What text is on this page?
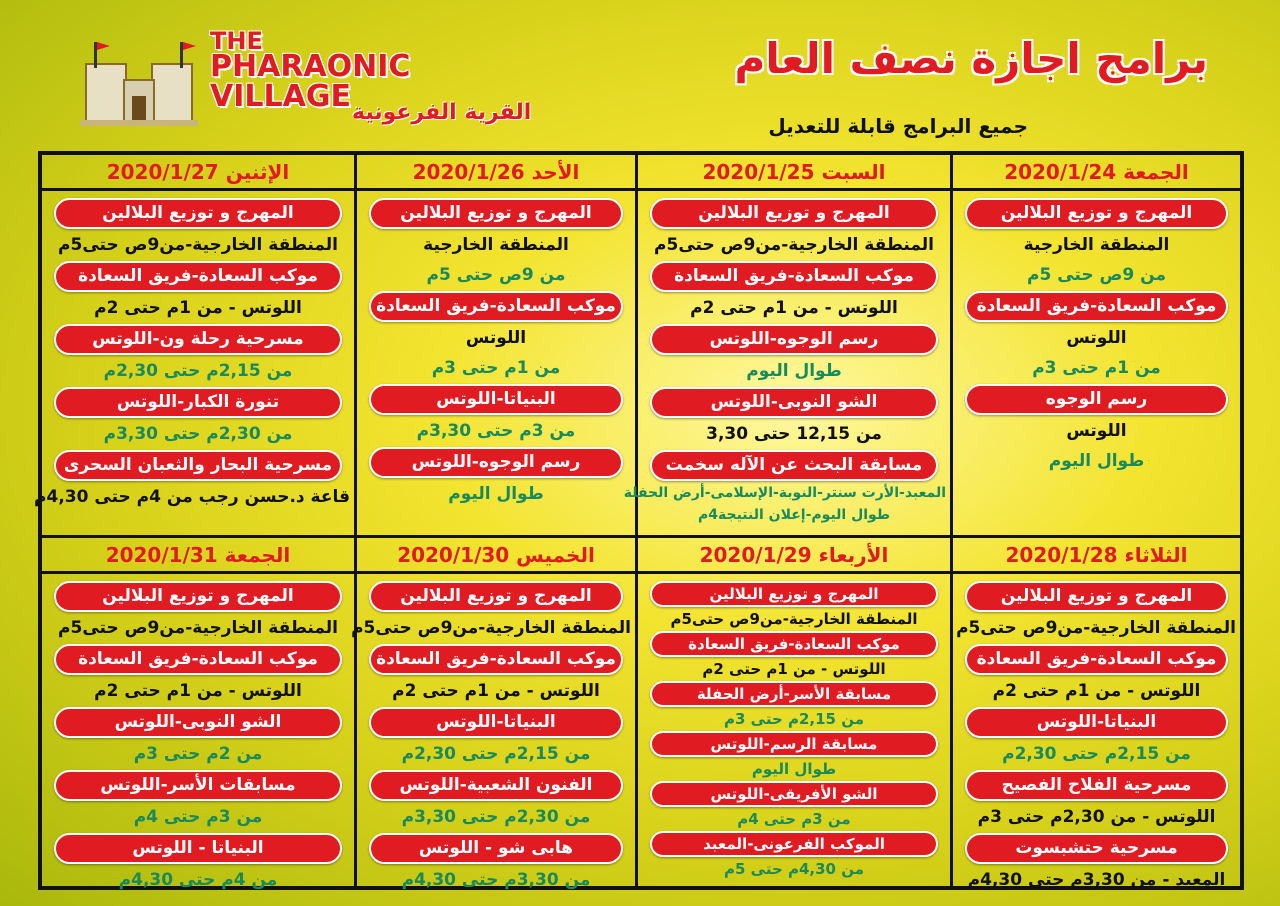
THE
PHARAONIC
VILLAGE القرية الفرعونية
برامج اجازة نصف العام
جميع البرامج قابلة للتعديل
الإثنين 2020/1/27
المهرج و توزيع البلالين
المنطقة الخارجية-من9ص حتى5م
موكب السعادة-فريق السعادة
اللوتس - من 1م حتى 2م
مسرحية رحلة ون-اللوتس
من 2,15م حتى 2,30م
تنورة الكبار-اللوتس
من 2,30م حتى 3,30م
مسرحية البحار والثعبان السحرى
قاعة د.حسن رجب من 4م حتى 4,30م
الأحد 2020/1/26
المهرج و توزيع البلالين
المنطقة الخارجية
من 9ص حتى 5م
موكب السعادة-فريق السعادة
اللوتس
من 1م حتى 3م
البنياتا-اللوتس
من 3م حتى 3,30م
رسم الوجوه-اللوتس
طوال اليوم
السبت 2020/1/25
المهرج و توزيع البلالين
المنطقة الخارجية-من9ص حتى5م
موكب السعادة-فريق السعادة
اللوتس - من 1م حتى 2م
رسم الوجوه-اللوتس
طوال اليوم
الشو النوبى-اللوتس
من 12,15 حتى 3,30
مسابقة البحث عن الآله سخمت
المعبد-الأرت سنتر-النوبة-الإسلامى-أرض الحفلة
طوال اليوم-إعلان النتيجة4م
الجمعة 2020/1/24
المهرج و توزيع البلالين
المنطقة الخارجية
من 9ص حتى 5م
موكب السعادة-فريق السعادة
اللوتس
من 1م حتى 3م
رسم الوجوه
اللوتس
طوال اليوم
الجمعة 2020/1/31
المهرج و توزيع البلالين
المنطقة الخارجية-من9ص حتى5م
موكب السعادة-فريق السعادة
اللوتس - من 1م حتى 2م
الشو النوبى-اللوتس
من 2م حتى 3م
مسابقات الأسر-اللوتس
من 3م حتى 4م
البنياتا - اللوتس
من 4م حتى 4,30م
الخميس 2020/1/30
المهرج و توزيع البلالين
المنطقة الخارجية-من9ص حتى5م
موكب السعادة-فريق السعادة
اللوتس - من 1م حتى 2م
البنياتا-اللوتس
من 2,15م حتى 2,30م
الفنون الشعبية-اللوتس
من 2,30م حتى 3,30م
هابى شو - اللوتس
من 3,30م حتى 4,30م
الأربعاء 2020/1/29
المهرج و توزيع البلالين
المنطقة الخارجية-من9ص حتى5م
موكب السعادة-فريق السعادة
اللوتس - من 1م حتى 2م
مسابقة الأسر-أرض الحفلة
من 2,15م حتى 3م
مسابقة الرسم-اللوتس
طوال اليوم
الشو الأفريقى-اللوتس
من 3م حتى 4م
الموكب الفرعونى-المعبد
من 4,30م حتى 5م
الثلاثاء 2020/1/28
المهرج و توزيع البلالين
المنطقة الخارجية-من9ص حتى5م
موكب السعادة-فريق السعادة
اللوتس - من 1م حتى 2م
البنياتا-اللوتس
من 2,15م حتى 2,30م
مسرحية الفلاح الفصيح
اللوتس - من 2,30م حتى 3م
مسرحية حتشبسوت
المعبد - من 3,30م حتى 4,30م
